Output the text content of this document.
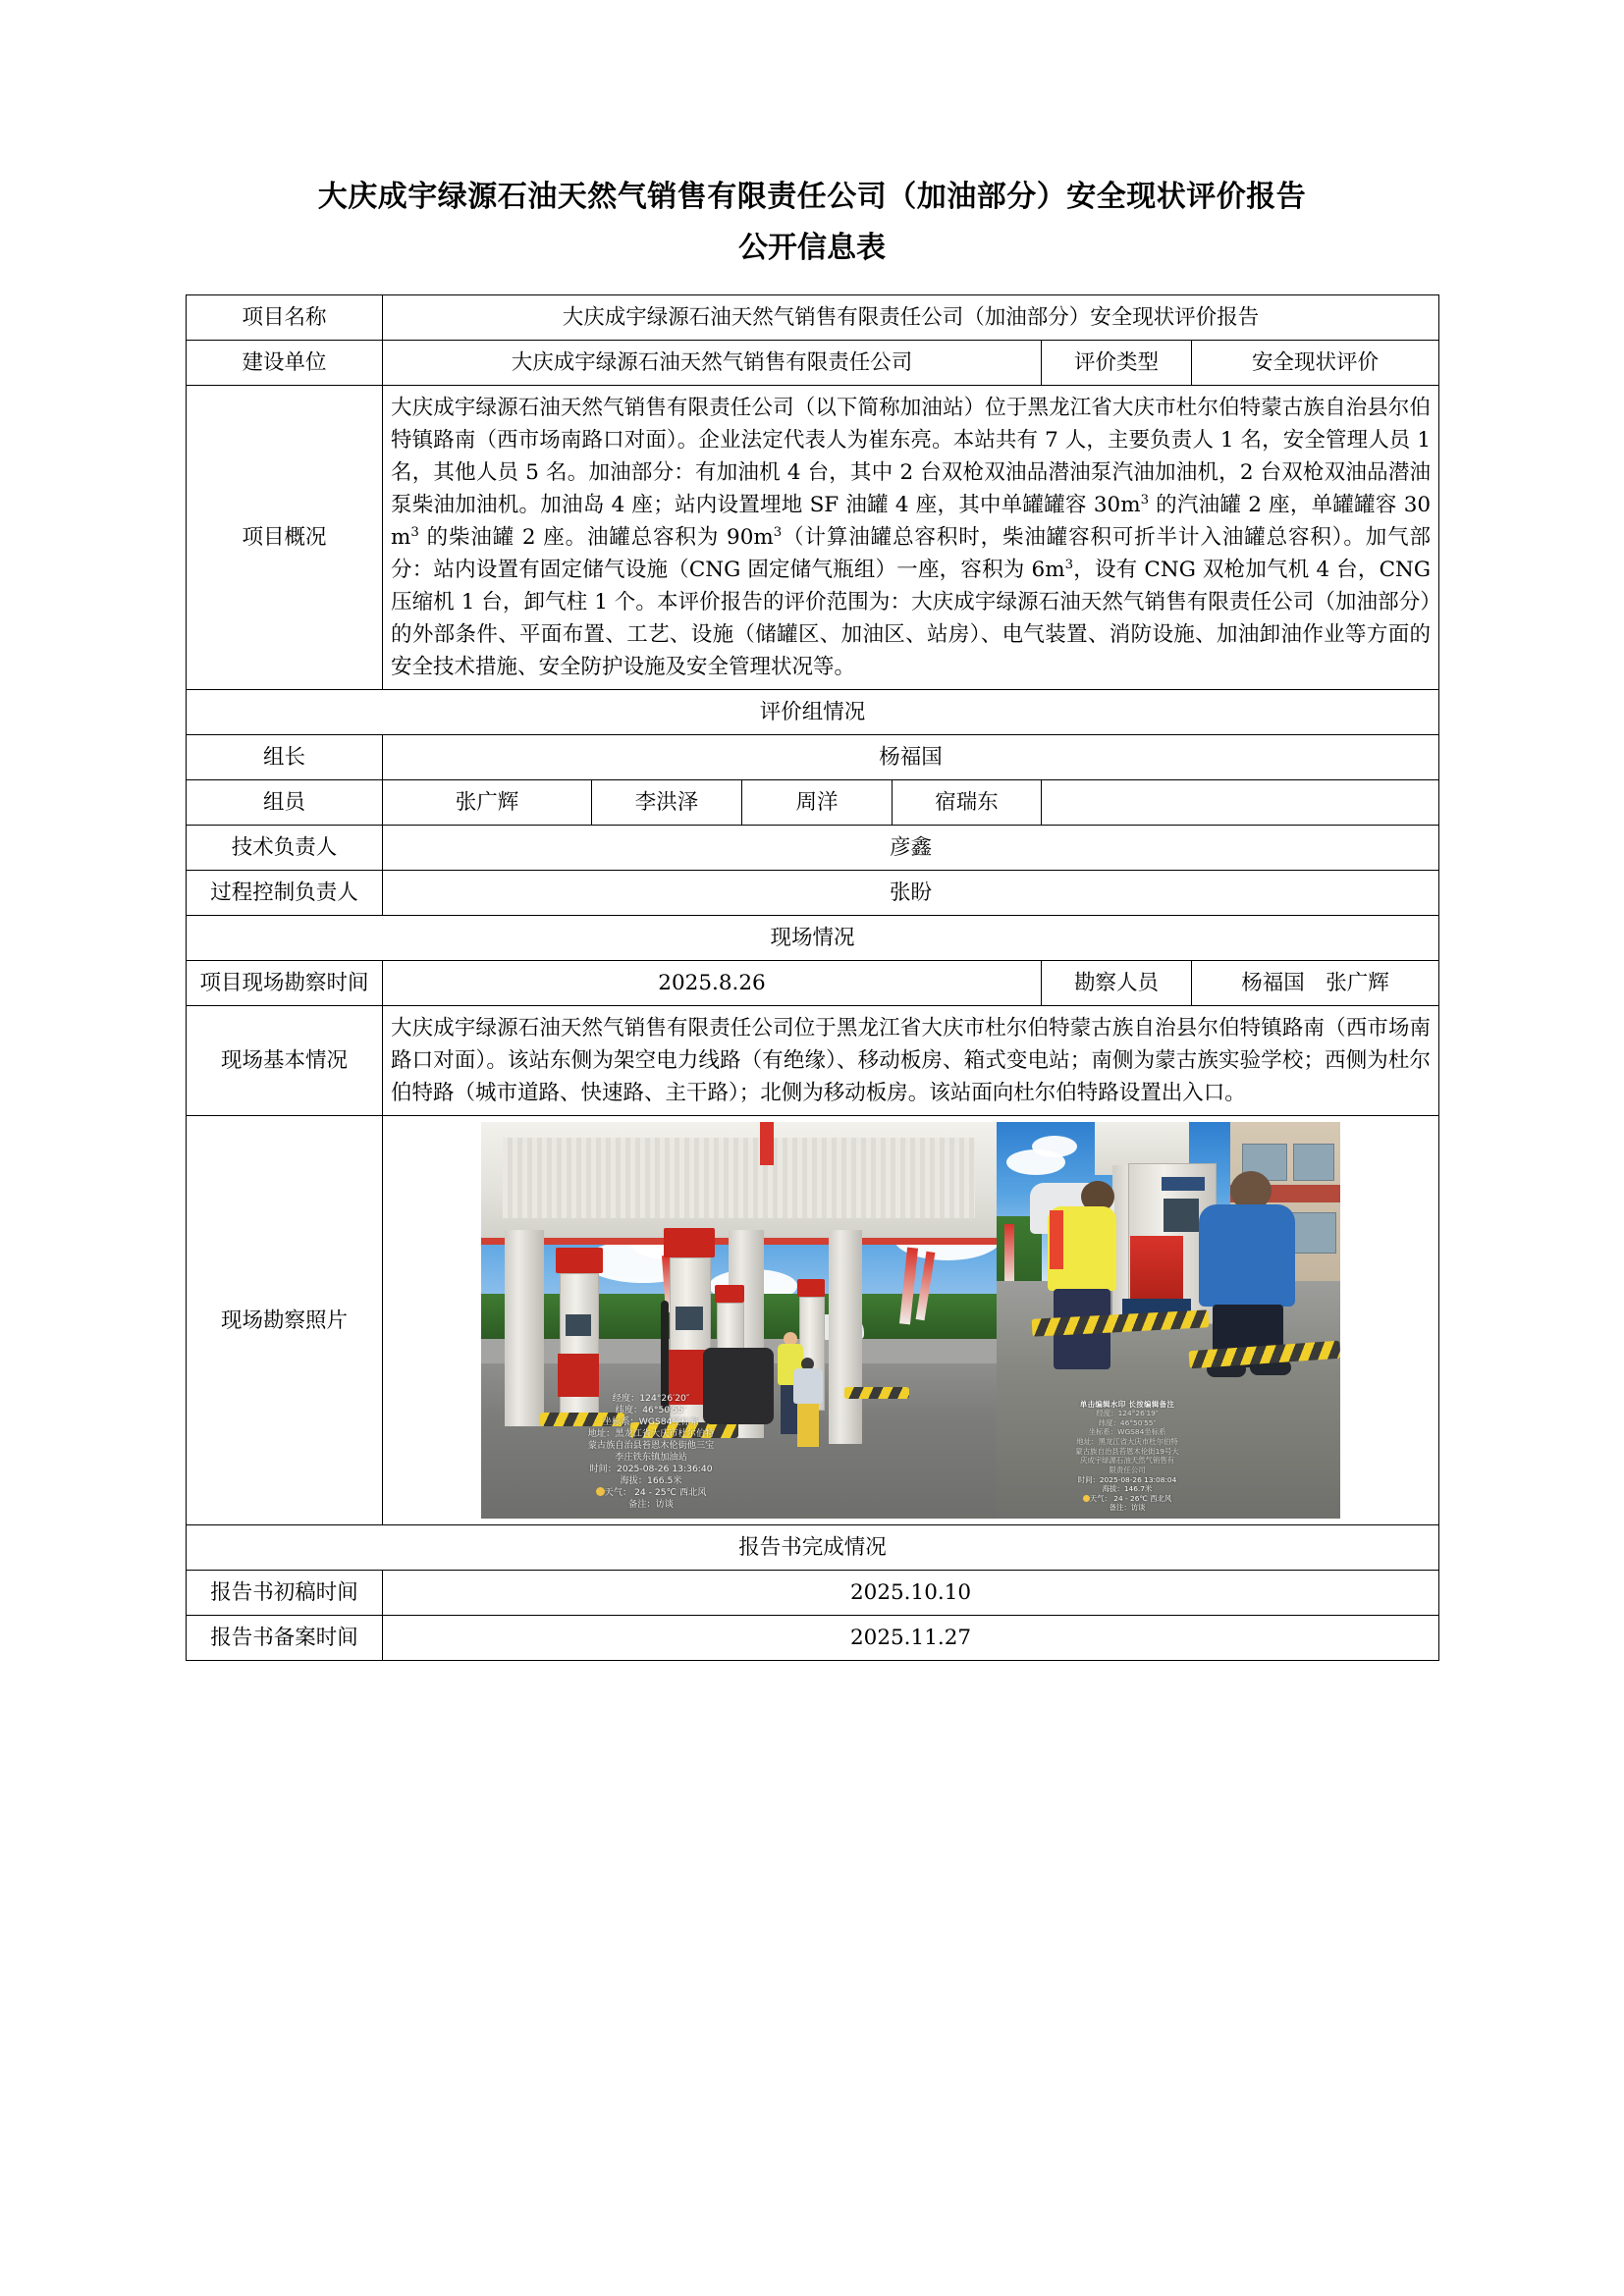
大庆成宇绿源石油天然气销售有限责任公司（加油部分）安全现状评价报告
公开信息表
项目名称	大庆成宇绿源石油天然气销售有限责任公司（加油部分）安全现状评价报告					
建设单位	大庆成宇绿源石油天然气销售有限责任公司				评价类型	安全现状评价
项目概况	大庆成宇绿源石油天然气销售有限责任公司（以下简称加油站）位于黑龙江省大庆市杜尔伯特蒙古族自治县尔伯特镇路南（西市场南路口对面）。企业法定代表人为崔东亮。本站共有 7 人，主要负责人 1 名，安全管理人员 1 名，其他人员 5 名。加油部分：有加油机 4 台，其中 2 台双枪双油品潜油泵汽油加油机，2 台双枪双油品潜油泵柴油加油机。加油岛 4 座；站内设置埋地 SF 油罐 4 座，其中单罐罐容 $30m^3$ 的汽油罐 2 座，单罐罐容 $30m^3$ 的柴油罐 2 座。油罐总容积为 $90m^3$（计算油罐总容积时，柴油罐容积可折半计入油罐总容积）。加气部分：站内设置有固定储气设施（CNG 固定储气瓶组）一座，容积为 $6m^3$，设有 CNG 双枪加气机 4 台，CNG 压缩机 1 台，卸气柱 1 个。本评价报告的评价范围为：大庆成宇绿源石油天然气销售有限责任公司（加油部分）的外部条件、平面布置、工艺、设施（储罐区、加油区、站房）、电气装置、消防设施、加油卸油作业等方面的安全技术措施、安全防护设施及安全管理状况等。					
评价组情况						
组长	杨福国					
组员	张广辉	李洪泽	周洋	宿瑞东		
技术负责人	彦鑫					
过程控制负责人	张盼					
现场情况						
项目现场勘察时间	2025.8.26				勘察人员	杨福国　张广辉
现场基本情况	大庆成宇绿源石油天然气销售有限责任公司位于黑龙江省大庆市杜尔伯特蒙古族自治县尔伯特镇路南（西市场南路口对面）。该站东侧为架空电力线路（有绝缘）、移动板房、箱式变电站；南侧为蒙古族实验学校；西侧为杜尔伯特路（城市道路、快速路、主干路）；北侧为移动板房。该站面向杜尔伯特路设置出入口。					
现场勘察照片	
经度：124°26′20″
纬度：46°50′55″
坐标系：WGS84坐标系
地址：黑龙江省大庆市杜尔伯特
蒙古族自治县苔恩木伦街他三宝
李庄铁东镇加油站
时间：2025-08-26 13:36:40
海拔：166.5米
天气： 24 - 25℃ 西北风
备注：访谈
单击编辑水印 长按编辑备注
经度：124°26′19″
纬度：46°50′55″
坐标系：WGS84坐标系
地址：黑龙江省大庆市杜尔伯特
蒙古族自治县苔恩木伦街19号大
庆成宇绿源石油天然气销售有
限责任公司
时间：2025-08-26 13:08:04
海拔：146.7米
天气： 24 - 26℃ 西北风
备注：访谈

报告书完成情况						
报告书初稿时间	2025.10.10					
报告书备案时间	2025.11.27					
